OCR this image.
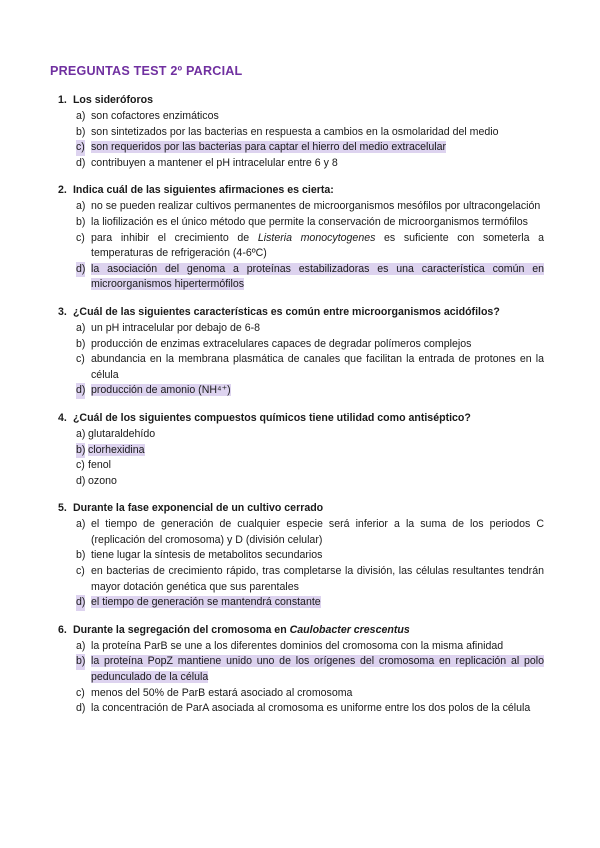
PREGUNTAS TEST 2º PARCIAL
1. Los sideróforos
a) son cofactores enzimáticos
b) son sintetizados por las bacterias en respuesta a cambios en la osmolaridad del medio
c) son requeridos por las bacterias para captar el hierro del medio extracelular
d) contribuyen a mantener el pH intracelular entre 6 y 8
2. Indica cuál de las siguientes afirmaciones es cierta:
a) no se pueden realizar cultivos permanentes de microorganismos mesófilos por ultracongelación
b) la liofilización es el único método que permite la conservación de microorganismos termófilos
c) para inhibir el crecimiento de Listeria monocytogenes es suficiente con someterla a temperaturas de refrigeración (4-6ºC)
d) la asociación del genoma a proteínas estabilizadoras es una característica común en microorganismos hipertermófilos
3. ¿Cuál de las siguientes características es común entre microorganismos acidófilos?
a) un pH intracelular por debajo de 6-8
b) producción de enzimas extracelulares capaces de degradar polímeros complejos
c) abundancia en la membrana plasmática de canales que facilitan la entrada de protones en la célula
d) producción de amonio (NH⁴⁺)
4. ¿Cuál de los siguientes compuestos químicos tiene utilidad como antiséptico?
a) glutaraldehído
b) clorhexidina
c) fenol
d) ozono
5. Durante la fase exponencial de un cultivo cerrado
a) el tiempo de generación de cualquier especie será inferior a la suma de los periodos C (replicación del cromosoma) y D (división celular)
b) tiene lugar la síntesis de metabolitos secundarios
c) en bacterias de crecimiento rápido, tras completarse la división, las células resultantes tendrán mayor dotación genética que sus parentales
d) el tiempo de generación se mantendrá constante
6. Durante la segregación del cromosoma en Caulobacter crescentus
a) la proteína ParB se une a los diferentes dominios del cromosoma con la misma afinidad
b) la proteína PopZ mantiene unido uno de los orígenes del cromosoma en replicación al polo pedunculado de la célula
c) menos del 50% de ParB estará asociado al cromosoma
d) la concentración de ParA asociada al cromosoma es uniforme entre los dos polos de la célula
